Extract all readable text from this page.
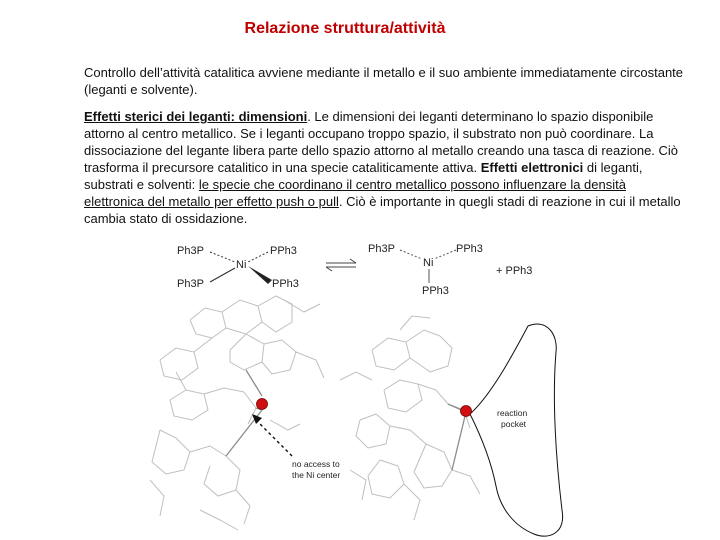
Relazione struttura/attività
Controllo dell’attività catalitica avviene mediante il metallo e il suo ambiente immediatamente circostante (leganti e solvente).
Effetti sterici dei leganti: dimensioni. Le dimensioni dei leganti determinano lo spazio disponibile attorno al centro metallico. Se i leganti occupano troppo spazio, il substrato non può coordinare. La dissociazione del legante libera parte dello spazio attorno al metallo creando una tasca di reazione. Ciò trasforma il precursore catalitico in una specie cataliticamente attiva. Effetti elettronici di leganti, substrati e solventi: le specie che coordinano il centro metallico possono influenzare la densità elettronica del metallo per effetto push o pull. Ciò è importante in quegli stadi di reazione in cui il metallo cambia stato di ossidazione.
Ph3P	PPh3
Ni
Ph3P	PPh3
Ph3P	PPh3
Ni
PPh3
+ PPh3
no access to
the Ni center
reaction
pocket
